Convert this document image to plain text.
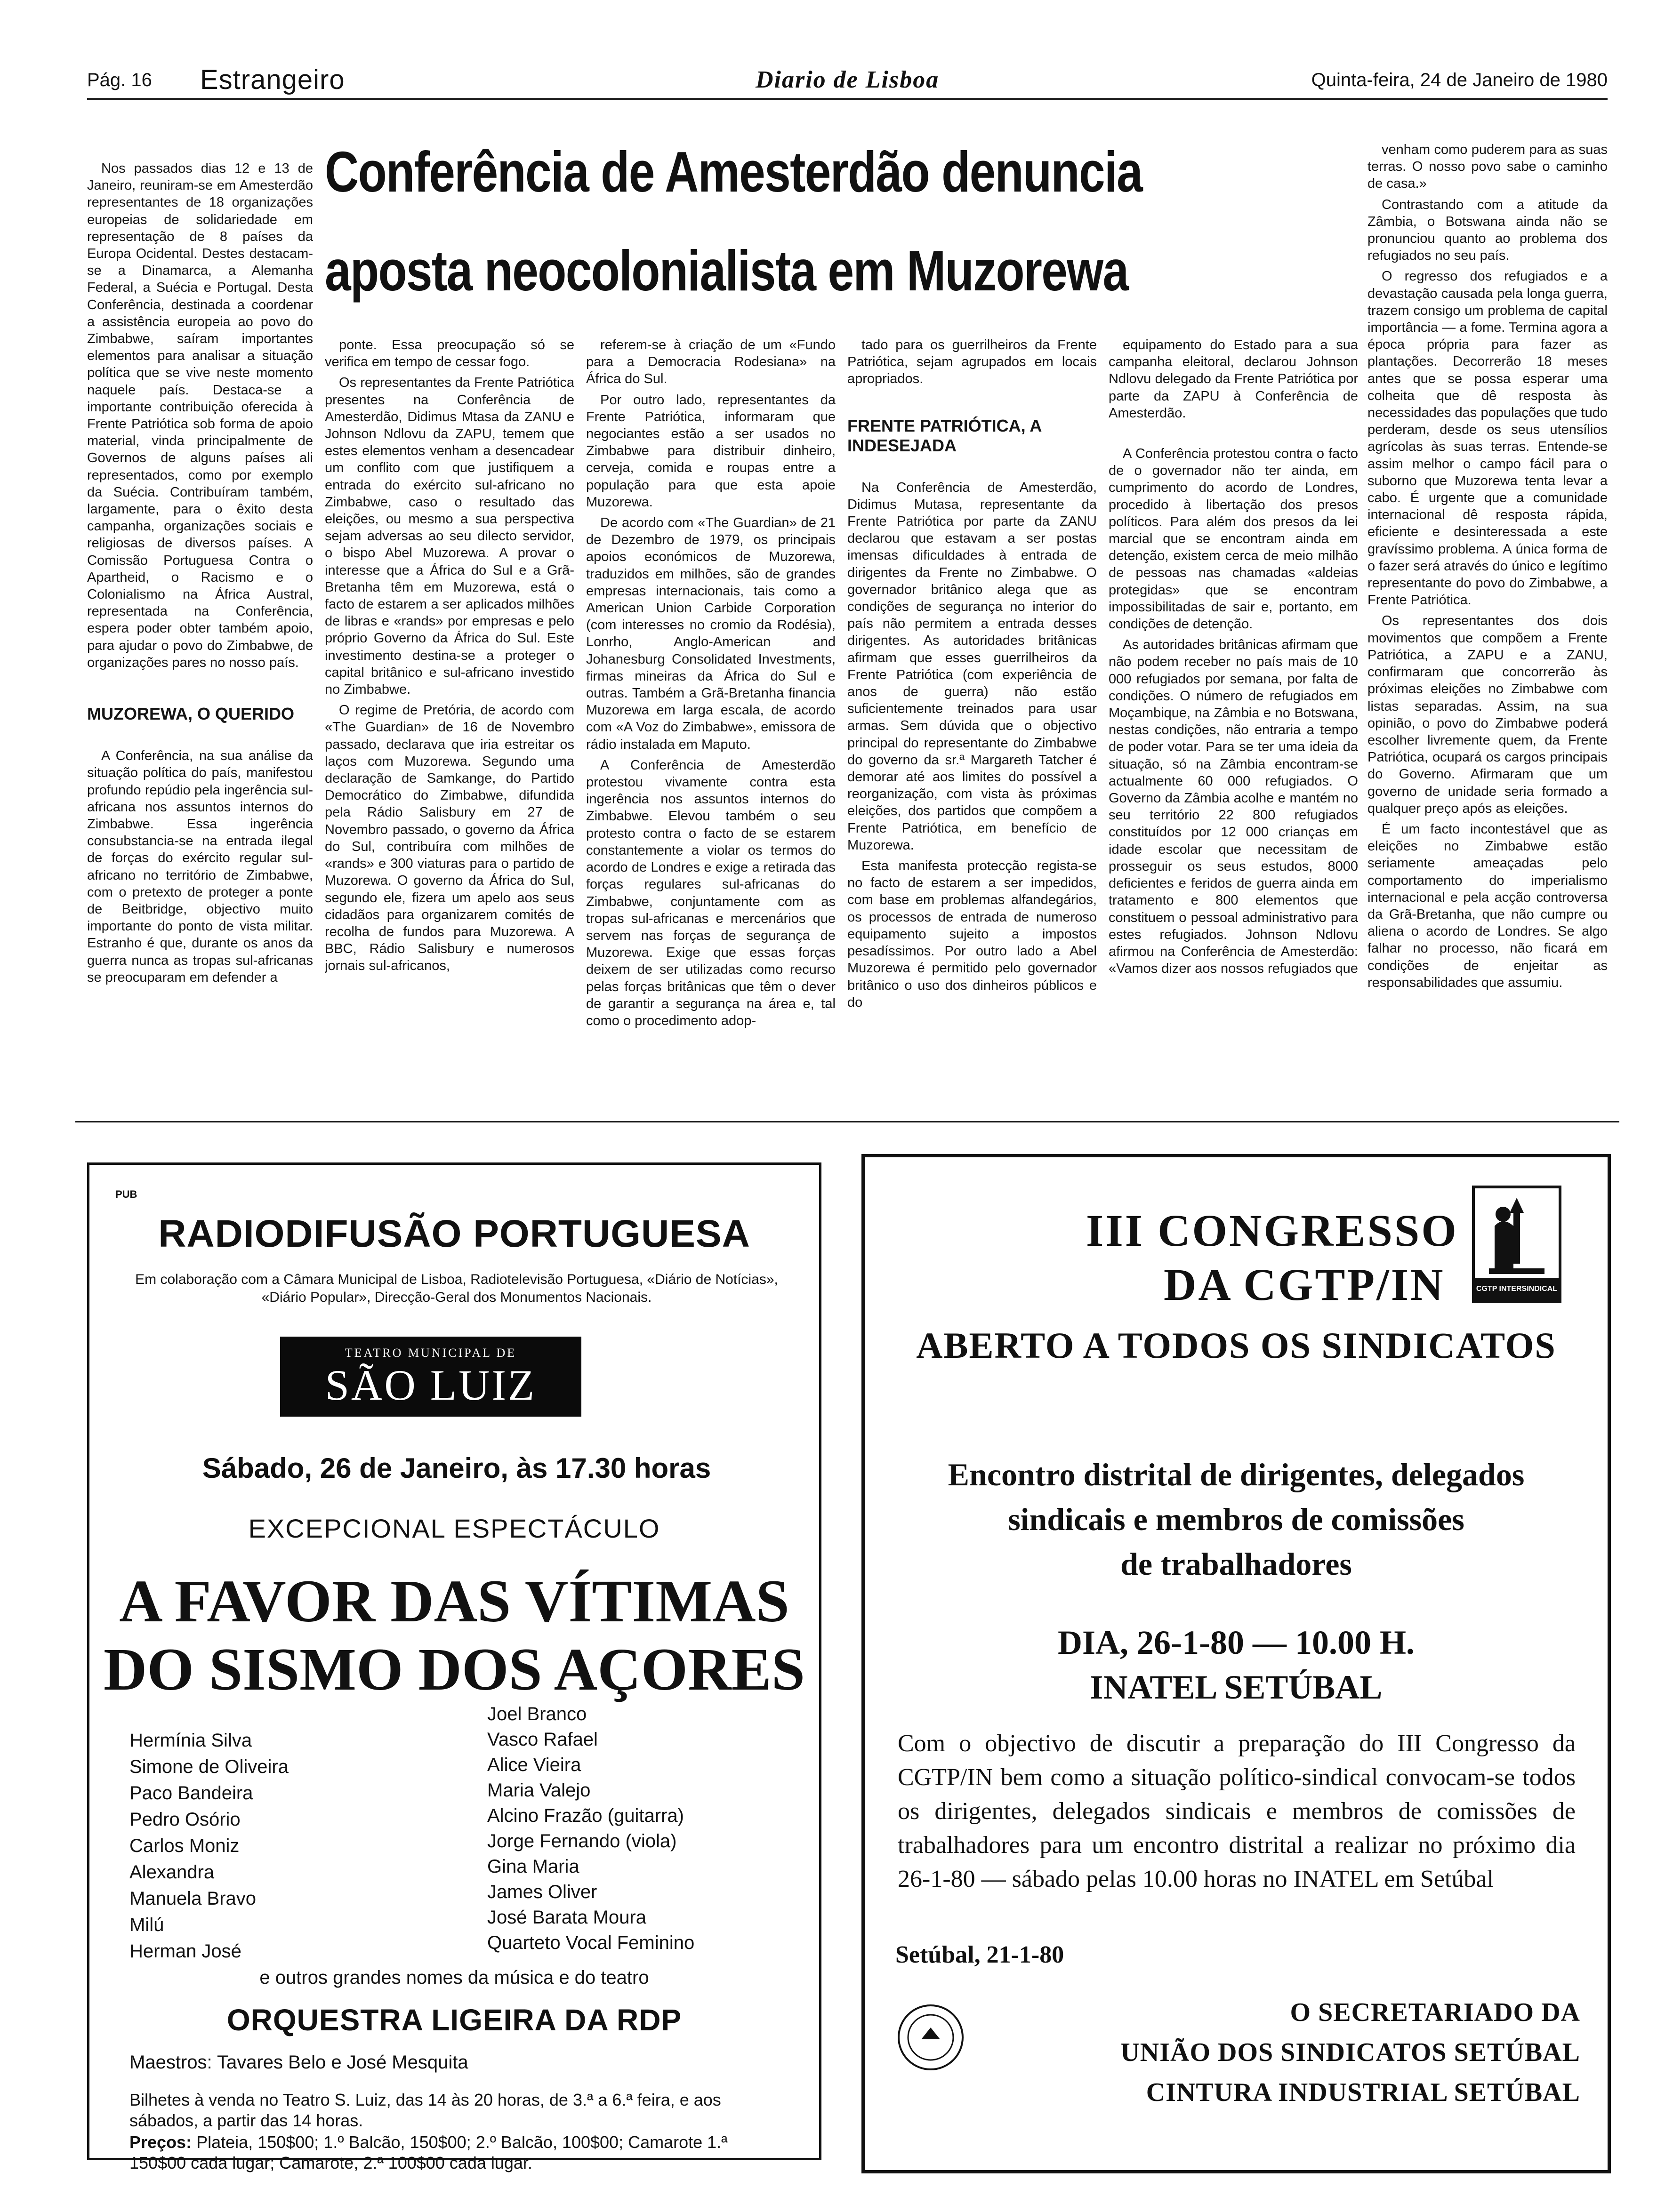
Pág. 16 Estrangeiro	Diario de Lisboa	Quinta-feira, 24 de Janeiro de 1980
Conferência de Amesterdão denuncia
aposta neocolonialista em Muzorewa

Nos passados dias 12 e 13 de Janeiro, reuniram-se em Amesterdão representantes de 18 organizações europeias de solidariedade em representação de 8 países da Europa Ocidental. Destes destacam-se a Dinamarca, a Alemanha Federal, a Suécia e Portugal. Desta Conferência, destinada a coordenar a assistência europeia ao povo do Zimbabwe, saíram importantes elementos para analisar a situação política que se vive neste momento naquele país. Destaca-se a importante contribuição oferecida à Frente Patriótica sob forma de apoio material, vinda principalmente de Governos de alguns países ali representados, como por exemplo da Suécia. Contribuíram também, largamente, para o êxito desta campanha, organizações sociais e religiosas de diversos países. A Comissão Portuguesa Contra o Apartheid, o Racismo e o Colonialismo na África Austral, representada na Conferência, espera poder obter também apoio, para ajudar o povo do Zimbabwe, de organizações pares no nosso país.

MUZOREWA, O QUERIDO

A Conferência, na sua análise da situação política do país, manifestou profundo repúdio pela ingerência sul-africana nos assuntos internos do Zimbabwe. Essa ingerência consubstancia-se na entrada ilegal de forças do exército regular sul-africano no território de Zimbabwe, com o pretexto de proteger a ponte de Beitbridge, objectivo muito importante do ponto de vista militar. Estranho é que, durante os anos da guerra nunca as tropas sul-africanas se preocuparam em defender a

ponte. Essa preocupação só se verifica em tempo de cessar fogo.

Os representantes da Frente Patriótica presentes na Conferência de Amesterdão, Didimus Mtasa da ZANU e Johnson Ndlovu da ZAPU, temem que estes elementos venham a desencadear um conflito com que justifiquem a entrada do exército sul-africano no Zimbabwe, caso o resultado das eleições, ou mesmo a sua perspectiva sejam adversas ao seu dilecto servidor, o bispo Abel Muzorewa. A provar o interesse que a África do Sul e a Grã-Bretanha têm em Muzorewa, está o facto de estarem a ser aplicados milhões de libras e «rands» por empresas e pelo próprio Governo da África do Sul. Este investimento destina-se a proteger o capital britânico e sul-africano investido no Zimbabwe.

O regime de Pretória, de acordo com «The Guardian» de 16 de Novembro passado, declarava que iria estreitar os laços com Muzorewa. Segundo uma declaração de Samkange, do Partido Democrático do Zimbabwe, difundida pela Rádio Salisbury em 27 de Novembro passado, o governo da África do Sul, contribuíra com milhões de «rands» e 300 viaturas para o partido de Muzorewa. O governo da África do Sul, segundo ele, fizera um apelo aos seus cidadãos para organizarem comités de recolha de fundos para Muzorewa. A BBC, Rádio Salisbury e numerosos jornais sul-africanos,

referem-se à criação de um «Fundo para a Democracia Rodesiana» na África do Sul.

Por outro lado, representantes da Frente Patriótica, informaram que negociantes estão a ser usados no Zimbabwe para distribuir dinheiro, cerveja, comida e roupas entre a população para que esta apoie Muzorewa.

De acordo com «The Guardian» de 21 de Dezembro de 1979, os principais apoios económicos de Muzorewa, traduzidos em milhões, são de grandes empresas internacionais, tais como a American Union Carbide Corporation (com interesses no cromio da Rodésia), Lonrho, Anglo-American and Johanesburg Consolidated Investments, firmas mineiras da África do Sul e outras. Também a Grã-Bretanha financia Muzorewa em larga escala, de acordo com «A Voz do Zimbabwe», emissora de rádio instalada em Maputo.

A Conferência de Amesterdão protestou vivamente contra esta ingerência nos assuntos internos do Zimbabwe. Elevou também o seu protesto contra o facto de se estarem constantemente a violar os termos do acordo de Londres e exige a retirada das forças regulares sul-africanas do Zimbabwe, conjuntamente com as tropas sul-africanas e mercenários que servem nas forças de segurança de Muzorewa. Exige que essas forças deixem de ser utilizadas como recurso pelas forças britânicas que têm o dever de garantir a segurança na área e, tal como o procedimento adop-

tado para os guerrilheiros da Frente Patriótica, sejam agrupados em locais apropriados.

FRENTE PATRIÓTICA, A INDESEJADA

Na Conferência de Amesterdão, Didimus Mutasa, representante da Frente Patriótica por parte da ZANU declarou que estavam a ser postas imensas dificuldades à entrada de dirigentes da Frente no Zimbabwe. O governador britânico alega que as condições de segurança no interior do país não permitem a entrada desses dirigentes. As autoridades britânicas afirmam que esses guerrilheiros da Frente Patriótica (com experiência de anos de guerra) não estão suficientemente treinados para usar armas. Sem dúvida que o objectivo principal do representante do Zimbabwe do governo da sr.ª Margareth Tatcher é demorar até aos limites do possível a reorganização, com vista às próximas eleições, dos partidos que compõem a Frente Patriótica, em benefício de Muzorewa.

Esta manifesta protecção regista-se no facto de estarem a ser impedidos, com base em problemas alfandegários, os processos de entrada de numeroso equipamento sujeito a impostos pesadíssimos. Por outro lado a Abel Muzorewa é permitido pelo governador britânico o uso dos dinheiros públicos e do

equipamento do Estado para a sua campanha eleitoral, declarou Johnson Ndlovu delegado da Frente Patriótica por parte da ZAPU à Conferência de Amesterdão.

A Conferência protestou contra o facto de o governador não ter ainda, em cumprimento do acordo de Londres, procedido à libertação dos presos políticos. Para além dos presos da lei marcial que se encontram ainda em detenção, existem cerca de meio milhão de pessoas nas chamadas «aldeias protegidas» que se encontram impossibilitadas de sair e, portanto, em condições de detenção.

As autoridades britânicas afirmam que não podem receber no país mais de 10 000 refugiados por semana, por falta de condições. O número de refugiados em Moçambique, na Zâmbia e no Botswana, nestas condições, não entraria a tempo de poder votar. Para se ter uma ideia da situação, só na Zâmbia encontram-se actualmente 60 000 refugiados. O Governo da Zâmbia acolhe e mantém no seu território 22 800 refugiados constituídos por 12 000 crianças em idade escolar que necessitam de prosseguir os seus estudos, 8000 deficientes e feridos de guerra ainda em tratamento e 800 elementos que constituem o pessoal administrativo para estes refugiados. Johnson Ndlovu afirmou na Conferência de Amesterdão: «Vamos dizer aos nossos refugiados que

venham como puderem para as suas terras. O nosso povo sabe o caminho de casa.»

Contrastando com a atitude da Zâmbia, o Botswana ainda não se pronunciou quanto ao problema dos refugiados no seu país.

O regresso dos refugiados e a devastação causada pela longa guerra, trazem consigo um problema de capital importância — a fome. Termina agora a época própria para fazer as plantações. Decorrerão 18 meses antes que se possa esperar uma colheita que dê resposta às necessidades das populações que tudo perderam, desde os seus utensílios agrícolas às suas terras. Entende-se assim melhor o campo fácil para o suborno que Muzorewa tenta levar a cabo. É urgente que a comunidade internacional dê resposta rápida, eficiente e desinteressada a este gravíssimo problema. A única forma de o fazer será através do único e legítimo representante do povo do Zimbabwe, a Frente Patriótica.

Os representantes dos dois movimentos que compõem a Frente Patriótica, a ZAPU e a ZANU, confirmaram que concorrerão às próximas eleições no Zimbabwe com listas separadas. Assim, na sua opinião, o povo do Zimbabwe poderá escolher livremente quem, da Frente Patriótica, ocupará os cargos principais do Governo. Afirmaram que um governo de unidade seria formado a qualquer preço após as eleições.

É um facto incontestável que as eleições no Zimbabwe estão seriamente ameaçadas pelo comportamento do imperialismo internacional e pela acção controversa da Grã-Bretanha, que não cumpre ou aliena o acordo de Londres. Se algo falhar no processo, não ficará em condições de enjeitar as responsabilidades que assumiu.

PUB
RADIODIFUSÃO PORTUGUESA
Em colaboração com a Câmara Municipal de Lisboa, Radiotelevisão Portuguesa, «Diário de Notícias», «Diário Popular», Direcção-Geral dos Monumentos Nacionais.
TEATRO MUNICIPAL DE
SÃO LUIZ
Sábado, 26 de Janeiro, às 17.30 horas
EXCEPCIONAL ESPECTÁCULO
A FAVOR DAS VÍTIMAS
DO SISMO DOS AÇORES
Hermínia Silva
Simone de Oliveira
Paco Bandeira
Pedro Osório
Carlos Moniz
Alexandra
Manuela Bravo
Milú
Herman José
Joel Branco
Vasco Rafael
Alice Vieira
Maria Valejo
Alcino Frazão (guitarra)
Jorge Fernando (viola)
Gina Maria
James Oliver
José Barata Moura
Quarteto Vocal Feminino
e outros grandes nomes da música e do teatro
ORQUESTRA LIGEIRA DA RDP
Maestros: Tavares Belo e José Mesquita
Bilhetes à venda no Teatro S. Luiz, das 14 às 20 horas, de 3.ª a 6.ª feira, e aos sábados, a partir das 14 horas.
Preços: Plateia, 150$00; 1.º Balcão, 150$00; 2.º Balcão, 100$00; Camarote 1.ª 150$00 cada lugar; Camarote, 2.ª 100$00 cada lugar.
III CONGRESSO
DA CGTP/IN	CGTP INTERSINDICAL
ABERTO A TODOS OS SINDICATOS
Encontro distrital de dirigentes, delegados
sindicais e membros de comissões
de trabalhadores
DIA, 26-1-80 — 10.00 H.
INATEL SETÚBAL
Com o objectivo de discutir a preparação do III Congresso da CGTP/IN bem como a situação político-sindical convocam-se todos os dirigentes, delegados sindicais e membros de comissões de trabalhadores para um encontro distrital a realizar no próximo dia 26-1-80 — sábado pelas 10.00 horas no INATEL em Setúbal
Setúbal, 21-1-80
O SECRETARIADO DA
UNIÃO DOS SINDICATOS SETÚBAL
CINTURA INDUSTRIAL SETÚBAL
